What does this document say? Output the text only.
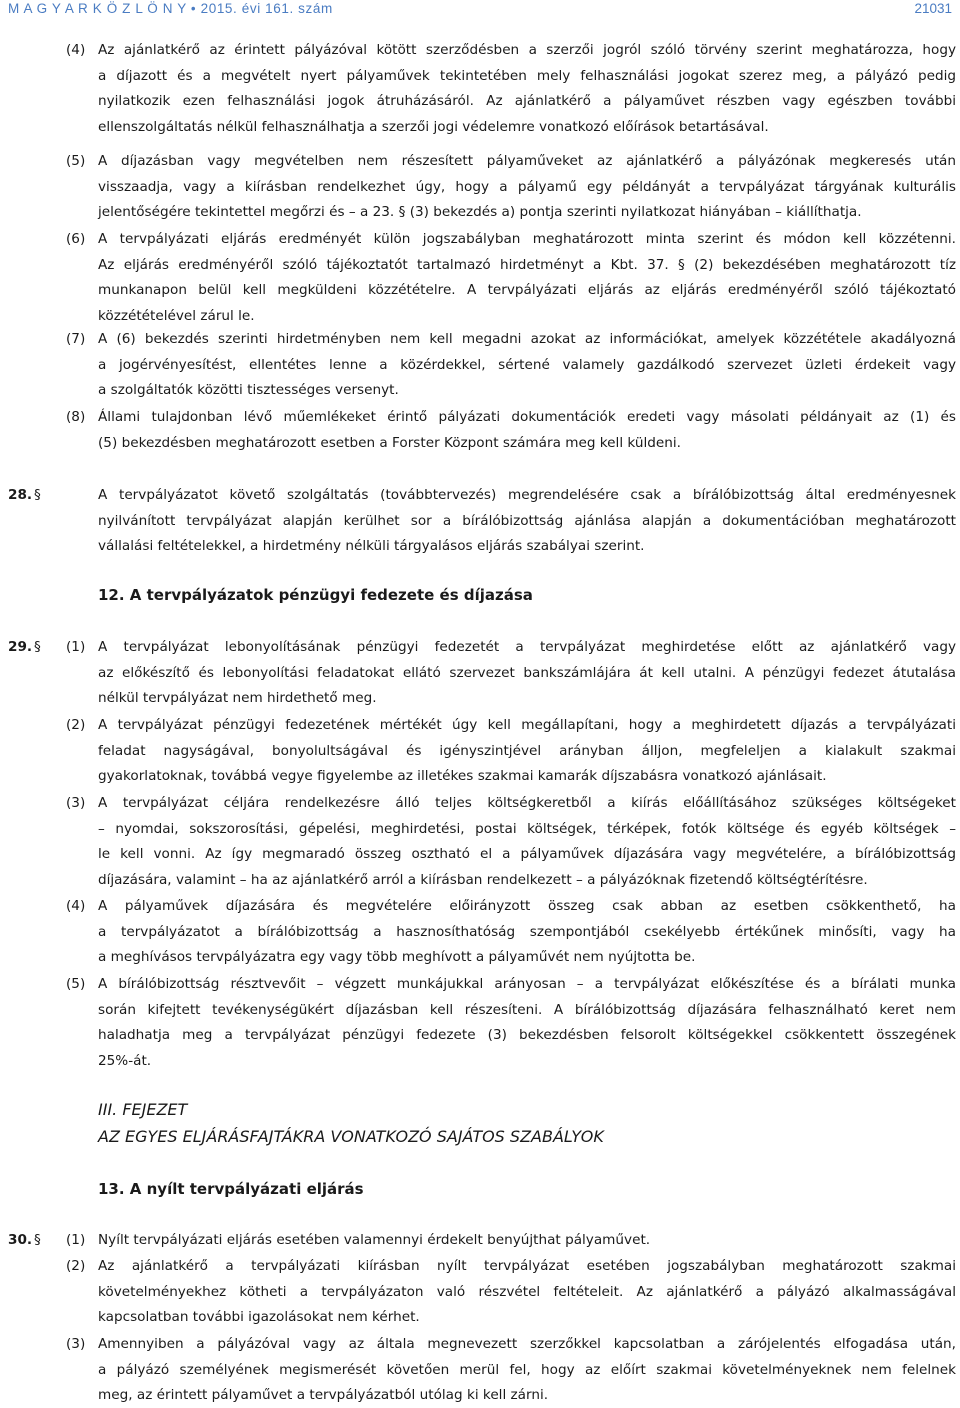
M A G Y A R K Ö Z L Ö N Y • 2015. évi 161. szám	21031
(4) Az ajánlatkérő az érintett pályázóval kötött szerződésben a szerzői jogról szóló törvény szerint meghatározza, hogy
a díjazott és a megvételt nyert pályaművek tekintetében mely felhasználási jogokat szerez meg, a pályázó pedig
nyilatkozik ezen felhasználási jogok átruházásáról. Az ajánlatkérő a pályaművet részben vagy egészben további
ellenszolgáltatás nélkül felhasználhatja a szerzői jogi védelemre vonatkozó előírások betartásával.
(5) A díjazásban vagy megvételben nem részesített pályaműveket az ajánlatkérő a pályázónak megkeresés után
visszaadja, vagy a kiírásban rendelkezhet úgy, hogy a pályamű egy példányát a tervpályázat tárgyának kulturális
jelentőségére tekintettel megőrzi és – a 23. § (3) bekezdés a) pontja szerinti nyilatkozat hiányában – kiállíthatja.
(6) A tervpályázati eljárás eredményét külön jogszabályban meghatározott minta szerint és módon kell közzétenni.
Az eljárás eredményéről szóló tájékoztatót tartalmazó hirdetményt a Kbt. 37. § (2) bekezdésében meghatározott tíz
munkanapon belül kell megküldeni közzétételre. A tervpályázati eljárás az eljárás eredményéről szóló tájékoztató
közzétételével zárul le.
(7) A (6) bekezdés szerinti hirdetményben nem kell megadni azokat az információkat, amelyek közzététele akadályozná
a jogérvényesítést, ellentétes lenne a közérdekkel, sértené valamely gazdálkodó szervezet üzleti érdekeit vagy
a szolgáltatók közötti tisztességes versenyt.
(8) Állami tulajdonban lévő műemlékeket érintő pályázati dokumentációk eredeti vagy másolati példányait az (1) és
(5) bekezdésben meghatározott esetben a Forster Központ számára meg kell küldeni.
28. §	A tervpályázatot követő szolgáltatás (továbbtervezés) megrendelésére csak a bírálóbizottság által eredményesnek
nyilvánított tervpályázat alapján kerülhet sor a bírálóbizottság ajánlása alapján a dokumentációban meghatározott
vállalási feltételekkel, a hirdetmény nélküli tárgyalásos eljárás szabályai szerint.
12. A tervpályázatok pénzügyi fedezete és díjazása
29. § (1) A tervpályázat lebonyolításának pénzügyi fedezetét a tervpályázat meghirdetése előtt az ajánlatkérő vagy
az előkészítő és lebonyolítási feladatokat ellátó szervezet bankszámlájára át kell utalni. A pénzügyi fedezet átutalása
nélkül tervpályázat nem hirdethető meg.
(2) A tervpályázat pénzügyi fedezetének mértékét úgy kell megállapítani, hogy a meghirdetett díjazás a tervpályázati
feladat nagyságával, bonyolultságával és igényszintjével arányban álljon, megfeleljen a kialakult szakmai
gyakorlatoknak, továbbá vegye figyelembe az illetékes szakmai kamarák díjszabásra vonatkozó ajánlásait.
(3) A tervpályázat céljára rendelkezésre álló teljes költségkeretből a kiírás előállításához szükséges költségeket
– nyomdai, sokszorosítási, gépelési, meghirdetési, postai költségek, térképek, fotók költsége és egyéb költségek –
le kell vonni. Az így megmaradó összeg osztható el a pályaművek díjazására vagy megvételére, a bírálóbizottság
díjazására, valamint – ha az ajánlatkérő arról a kiírásban rendelkezett – a pályázóknak fizetendő költségtérítésre.
(4) A pályaművek díjazására és megvételére előirányzott összeg csak abban az esetben csökkenthető, ha
a tervpályázatot a bírálóbizottság a hasznosíthatóság szempontjából csekélyebb értékűnek minősíti, vagy ha
a meghívásos tervpályázatra egy vagy több meghívott a pályaművét nem nyújtotta be.
(5) A bírálóbizottság résztvevőit – végzett munkájukkal arányosan – a tervpályázat előkészítése és a bírálati munka
során kifejtett tevékenységükért díjazásban kell részesíteni. A bírálóbizottság díjazására felhasználható keret nem
haladhatja meg a tervpályázat pénzügyi fedezete (3) bekezdésben felsorolt költségekkel csökkentett összegének
25%-át.
III. FEJEZET
AZ EGYES ELJÁRÁSFAJTÁKRA VONATKOZÓ SAJÁTOS SZABÁLYOK
13. A nyílt tervpályázati eljárás
30. § (1) Nyílt tervpályázati eljárás esetében valamennyi érdekelt benyújthat pályaművet.
(2) Az ajánlatkérő a tervpályázati kiírásban nyílt tervpályázat esetében jogszabályban meghatározott szakmai
követelményekhez kötheti a tervpályázaton való részvétel feltételeit. Az ajánlatkérő a pályázó alkalmasságával
kapcsolatban további igazolásokat nem kérhet.
(3) Amennyiben a pályázóval vagy az általa megnevezett szerzőkkel kapcsolatban a zárójelentés elfogadása után,
a pályázó személyének megismerését követően merül fel, hogy az előírt szakmai követelményeknek nem felelnek
meg, az érintett pályaművet a tervpályázatból utólag ki kell zárni.
